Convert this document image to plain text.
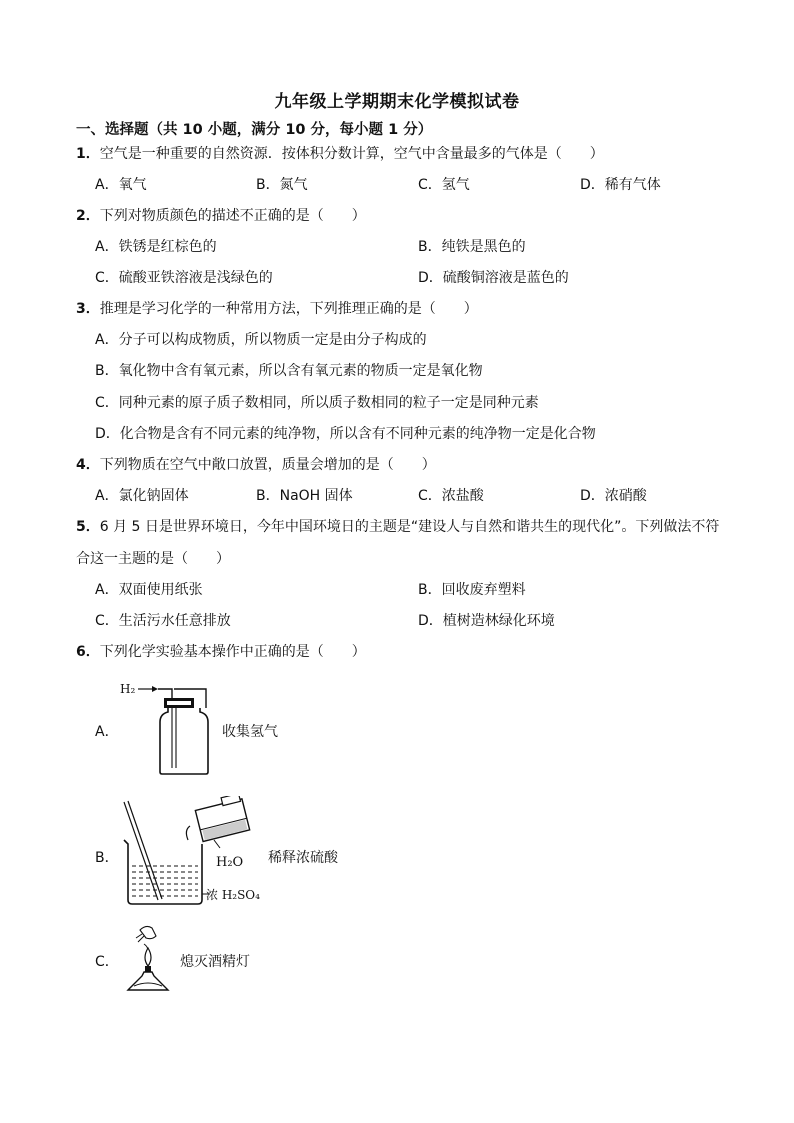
九年级上学期期末化学模拟试卷
一、选择题（共 10 小题，满分 10 分，每小题 1 分）
1．空气是一种重要的自然资源．按体积分数计算，空气中含量最多的气体是（　　）
A．氧气	B．氮气	C．氢气	D．稀有气体
2．下列对物质颜色的描述不正确的是（　　）
A．铁锈是红棕色的	B．纯铁是黑色的
C．硫酸亚铁溶液是浅绿色的	D．硫酸铜溶液是蓝色的
3．推理是学习化学的一种常用方法，下列推理正确的是（　　）
A．分子可以构成物质，所以物质一定是由分子构成的
B．氧化物中含有氧元素，所以含有氧元素的物质一定是氧化物
C．同种元素的原子质子数相同，所以质子数相同的粒子一定是同种元素
D．化合物是含有不同元素的纯净物，所以含有不同种元素的纯净物一定是化合物
4．下列物质在空气中敞口放置，质量会增加的是（　　）
A．氯化钠固体	B．NaOH 固体	C．浓盐酸	D．浓硝酸
5．6 月 5 日是世界环境日，今年中国环境日的主题是“建设人与自然和谐共生的现代化”。下列做法不符
合这一主题的是（　　）
A．双面使用纸张	B．回收废弃塑料
C．生活污水任意排放	D．植树造林绿化环境
6．下列化学实验基本操作中正确的是（　　）
A．
H₂
收集氢气
B．	H₂O
浓 H₂SO₄
稀释浓硫酸
C．	熄灭酒精灯
